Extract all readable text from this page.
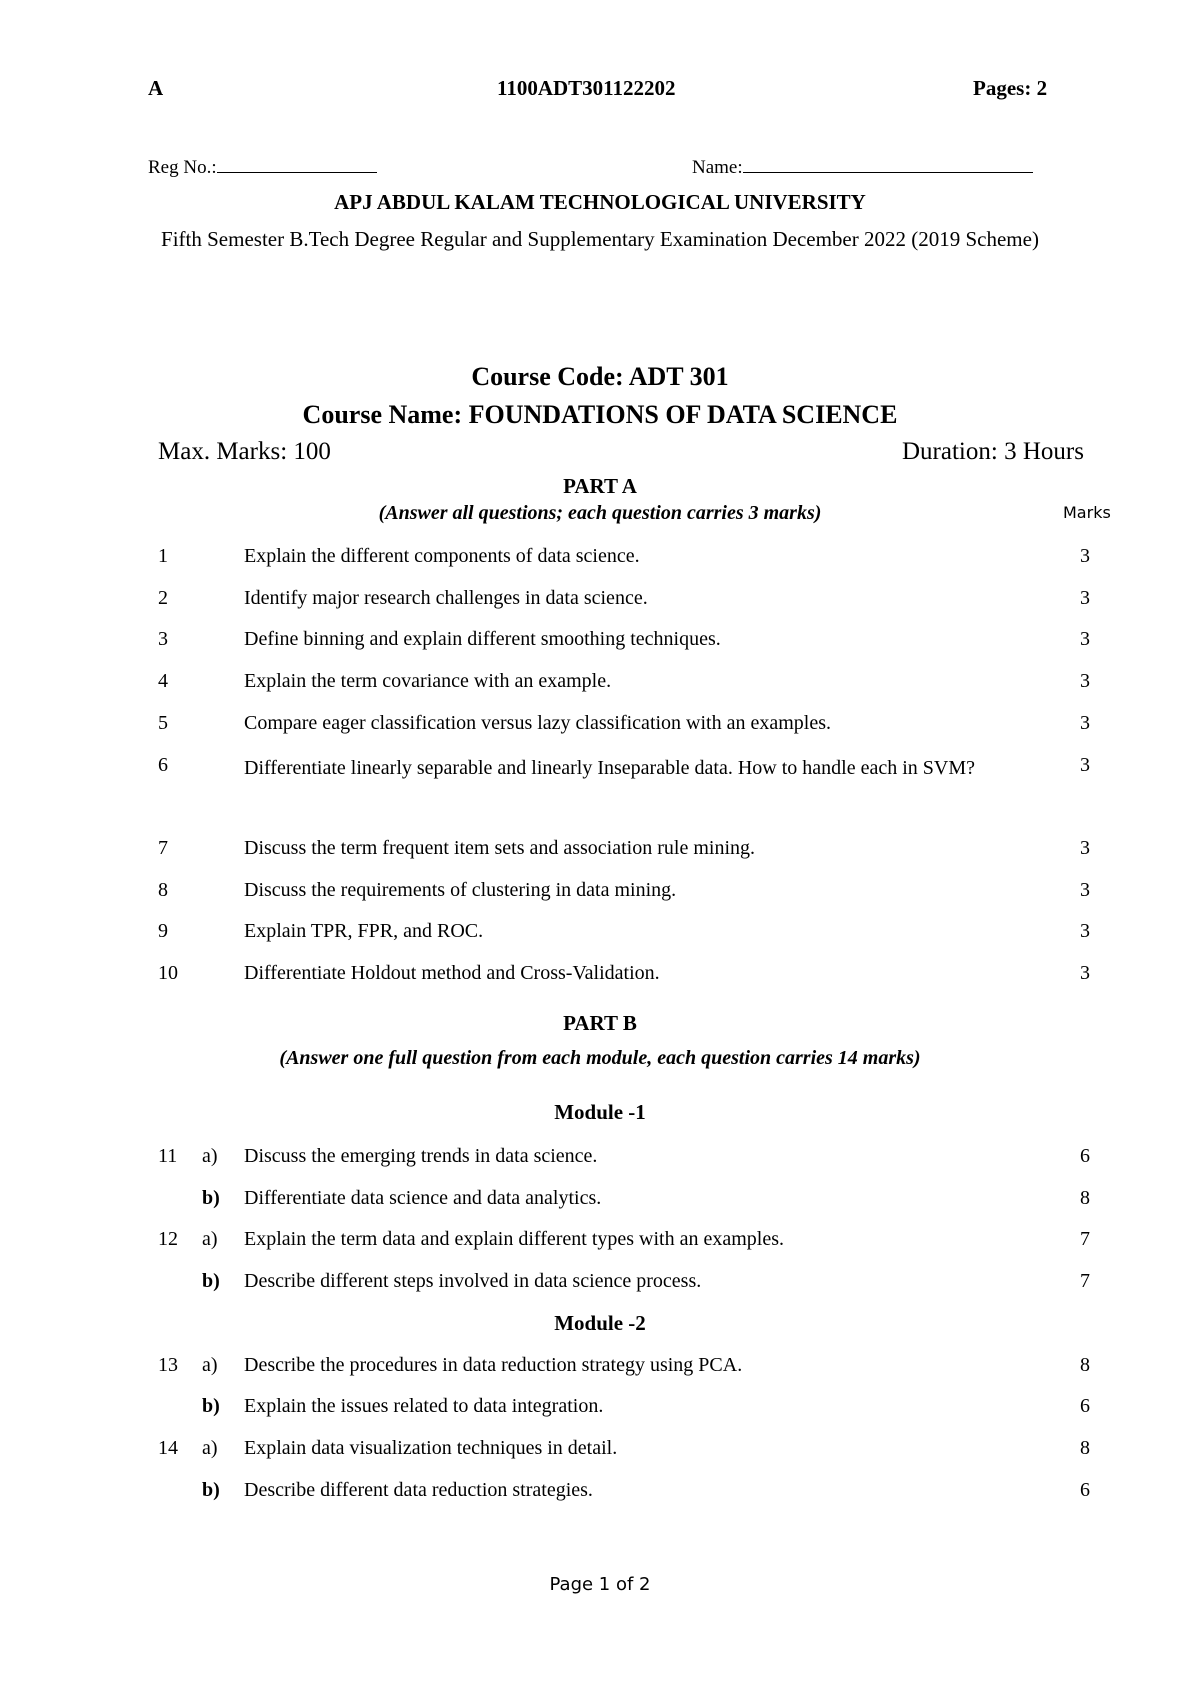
A	1100ADT301122202	Pages: 2
Reg No.:	Name:
APJ ABDUL KALAM TECHNOLOGICAL UNIVERSITY
Fifth Semester B.Tech Degree Regular and Supplementary Examination December 2022 (2019 Scheme)
Course Code: ADT 301
Course Name: FOUNDATIONS OF DATA SCIENCE
Max. Marks: 100	Duration: 3 Hours
PART A
(Answer all questions; each question carries 3 marks)	Marks
1	Explain the different components of data science.	3
2	Identify major research challenges in data science.	3
3	Define binning and explain different smoothing techniques.	3
4	Explain the term covariance with an example.	3
5	Compare eager classification versus lazy classification with an examples.	3
6	Differentiate linearly separable and linearly Inseparable data. How to handle each in SVM?	3
7	Discuss the term frequent item sets and association rule mining.	3
8	Discuss the requirements of clustering in data mining.	3
9	Explain TPR, FPR, and ROC.	3
10	Differentiate Holdout method and Cross-Validation.	3
PART B
(Answer one full question from each module, each question carries 14 marks)
Module -1
11 a) Discuss the emerging trends in data science.	6
b) Differentiate data science and data analytics.	8
12 a) Explain the term data and explain different types with an examples.	7
b) Describe different steps involved in data science process.	7
Module -2
13 a) Describe the procedures in data reduction strategy using PCA.	8
b) Explain the issues related to data integration.	6
14 a) Explain data visualization techniques in detail.	8
b) Describe different data reduction strategies.	6
Page 1 of 2
